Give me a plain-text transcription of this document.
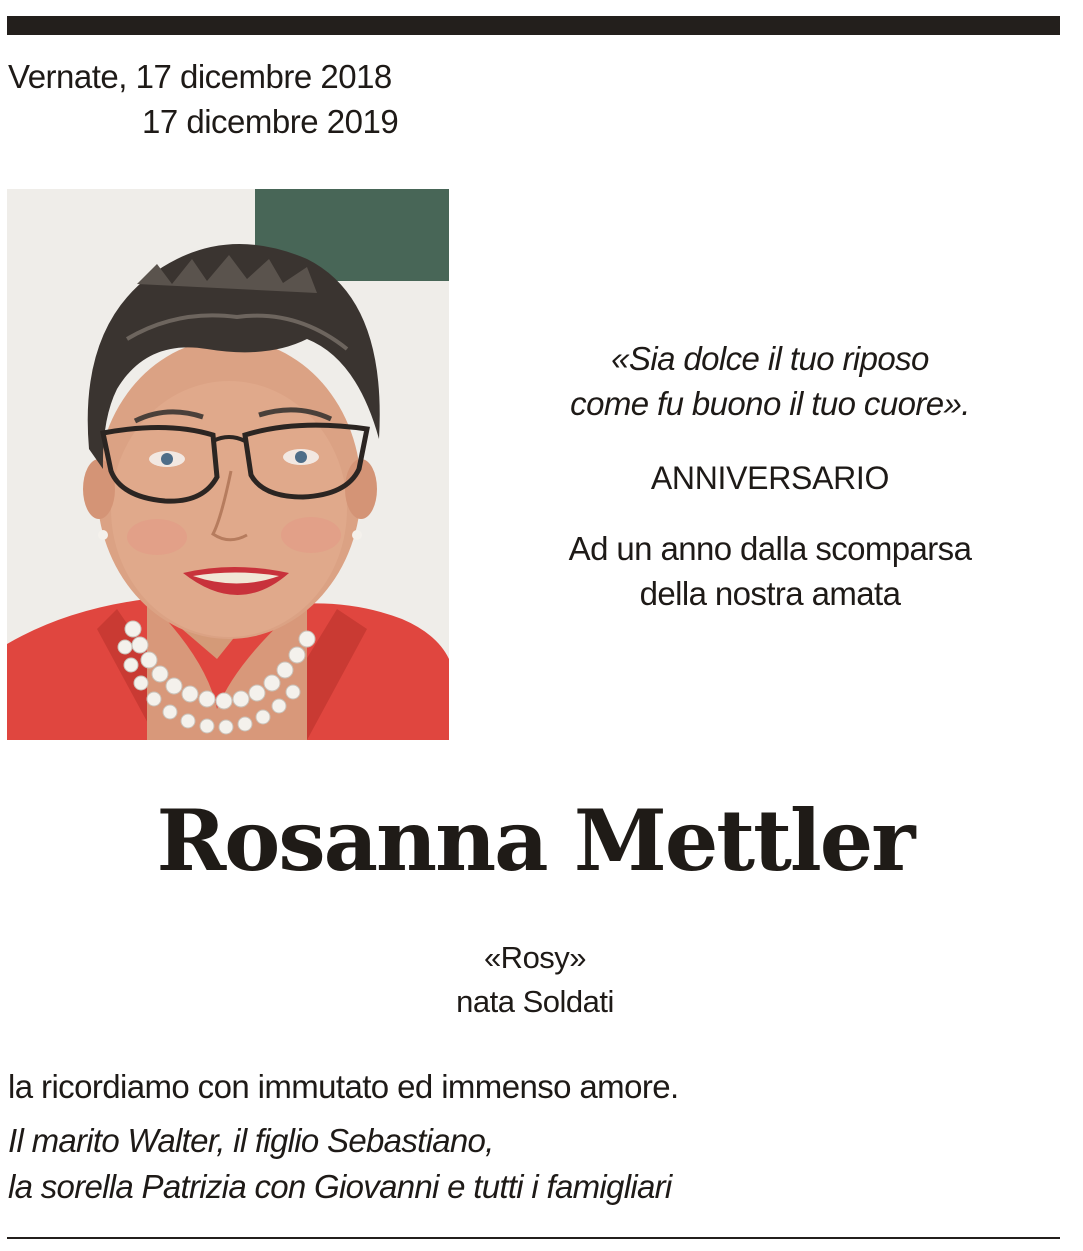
Vernate, 17 dicembre 2018
17 dicembre 2019
«Sia dolce il tuo riposo
come fu buono il tuo cuore».
ANNIVERSARIO
Ad un anno dalla scomparsa
della nostra amata
Rosanna Mettler
«Rosy»
nata Soldati
la ricordiamo con immutato ed immenso amore.
Il marito Walter, il figlio Sebastiano,
la sorella Patrizia con Giovanni e tutti i famigliari
